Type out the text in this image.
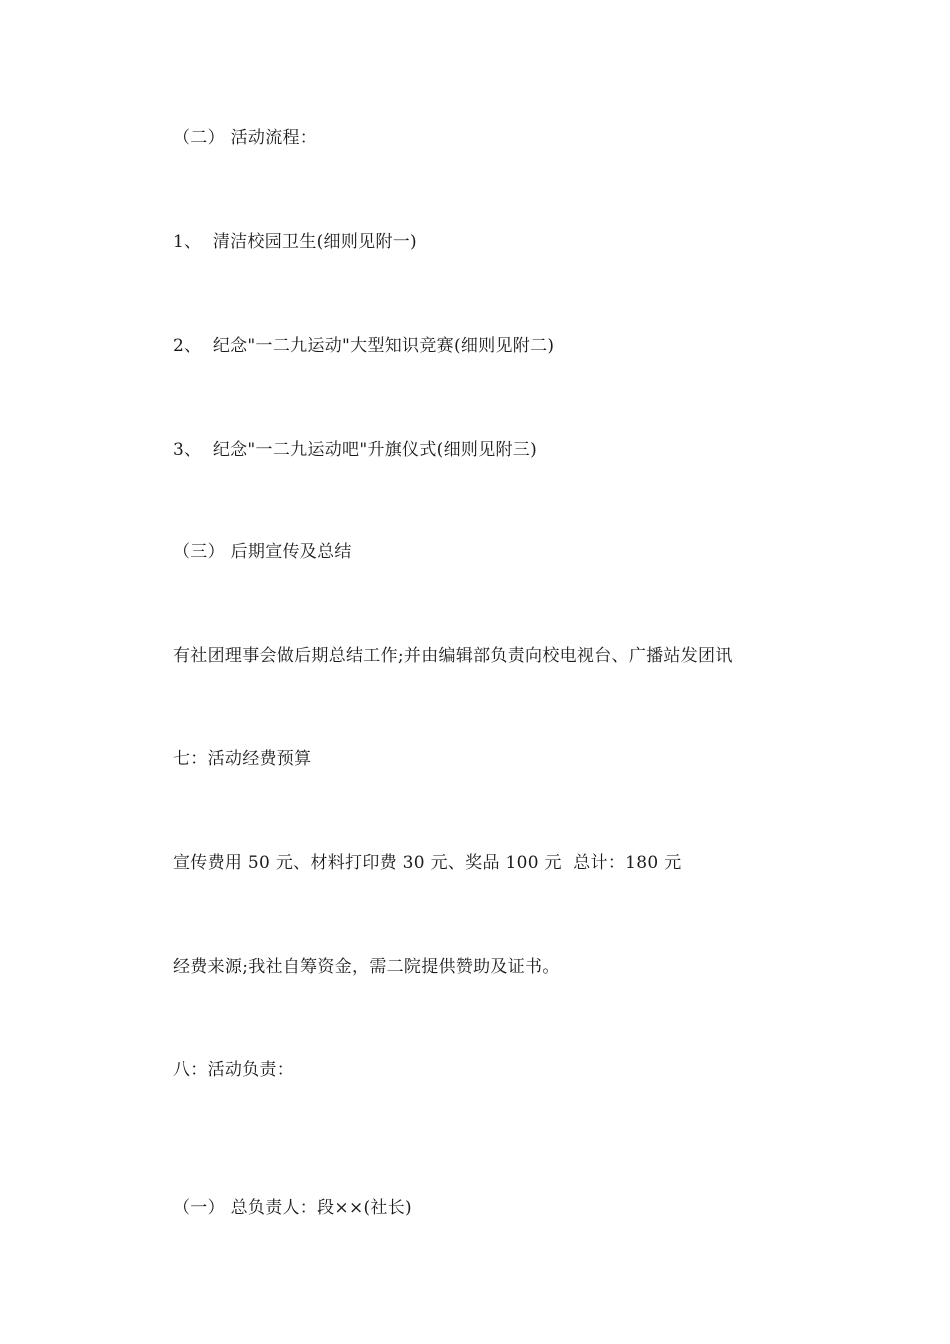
（二） 活动流程：
1、  清洁校园卫生(细则见附一)
2、  纪念"一二九运动"大型知识竞赛(细则见附二)
3、  纪念"一二九运动吧"升旗仪式(细则见附三)
（三） 后期宣传及总结
有社团理事会做后期总结工作;并由编辑部负责向校电视台、广播站发团讯
七：活动经费预算
宣传费用 50 元、材料打印费 30 元、奖品 100 元  总计：180 元
经费来源;我社自筹资金，需二院提供赞助及证书。
八：活动负责：
（一） 总负责人：段××(社长)
